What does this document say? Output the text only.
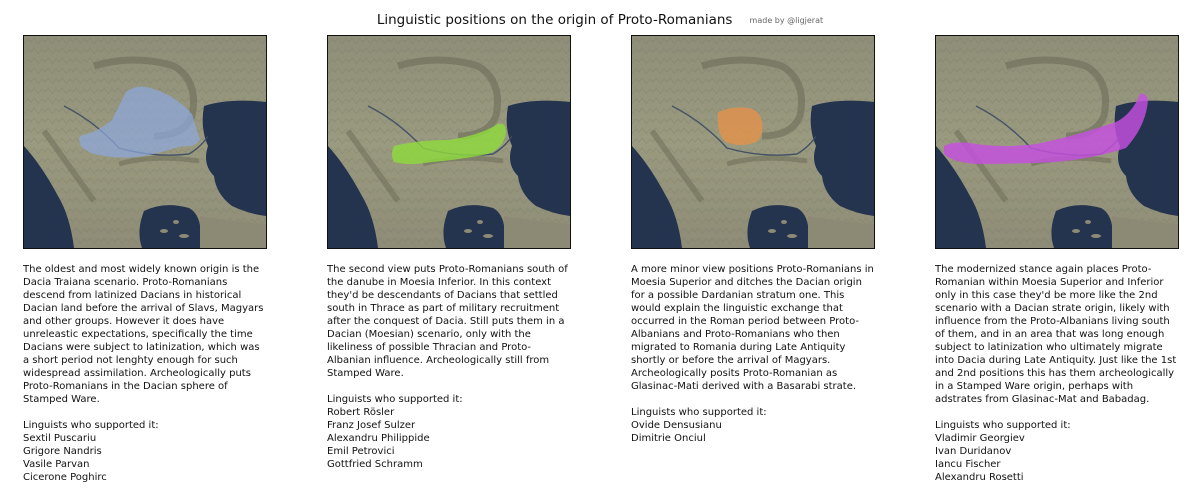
Linguistic positions on the origin of Proto-Romanians made by @ligjerat
The oldest and most widely known origin is the Dacia Traiana scenario. Proto-Romanians descend from latinized Dacians in historical Dacian land before the arrival of Slavs, Magyars and other groups. However it does have unreleastic expectations, specifically the time Dacians were subject to latinization, which was a short period not lenghty enough for such widespread assimilation. Archeologically puts Proto-Romanians in the Dacian sphere of Stamped Ware.
Linguists who supported it:
Sextil Puscariu
Grigore Nandris
Vasile Parvan
Cicerone Poghirc
The second view puts Proto-Romanians south of the danube in Moesia Inferior. In this context they'd be descendants of Dacians that settled south in Thrace as part of military recruitment after the conquest of Dacia. Still puts them in a Dacian (Moesian) scenario, only with the likeliness of possible Thracian and Proto-Albanian influence. Archeologically still from Stamped Ware.
Linguists who supported it:
Robert Rösler
Franz Josef Sulzer
Alexandru Philippide
Emil Petrovici
Gottfried Schramm
A more minor view positions Proto-Romanians in Moesia Superior and ditches the Dacian origin for a possible Dardanian stratum one. This would explain the linguistic exchange that occurred in the Roman period between Proto-Albanians and Proto-Romanians who then migrated to Romania during Late Antiquity shortly or before the arrival of Magyars. Archeologically posits Proto-Romanian as Glasinac-Mati derived with a Basarabi strate.
Linguists who supported it:
Ovide Densusianu
Dimitrie Onciul
The modernized stance again places Proto-Romanian within Moesia Superior and Inferior only in this case they'd be more like the 2nd scenario with a Dacian strate origin, likely with influence from the Proto-Albanians living south of them, and in an area that was long enough subject to latinization who ultimately migrate into Dacia during Late Antiquity. Just like the 1st and 2nd positions this has them archeologically in a Stamped Ware origin, perhaps with adstrates from Glasinac-Mat and Babadag.
Linguists who supported it:
Vladimir Georgiev
Ivan Duridanov
Iancu Fischer
Alexandru Rosetti
